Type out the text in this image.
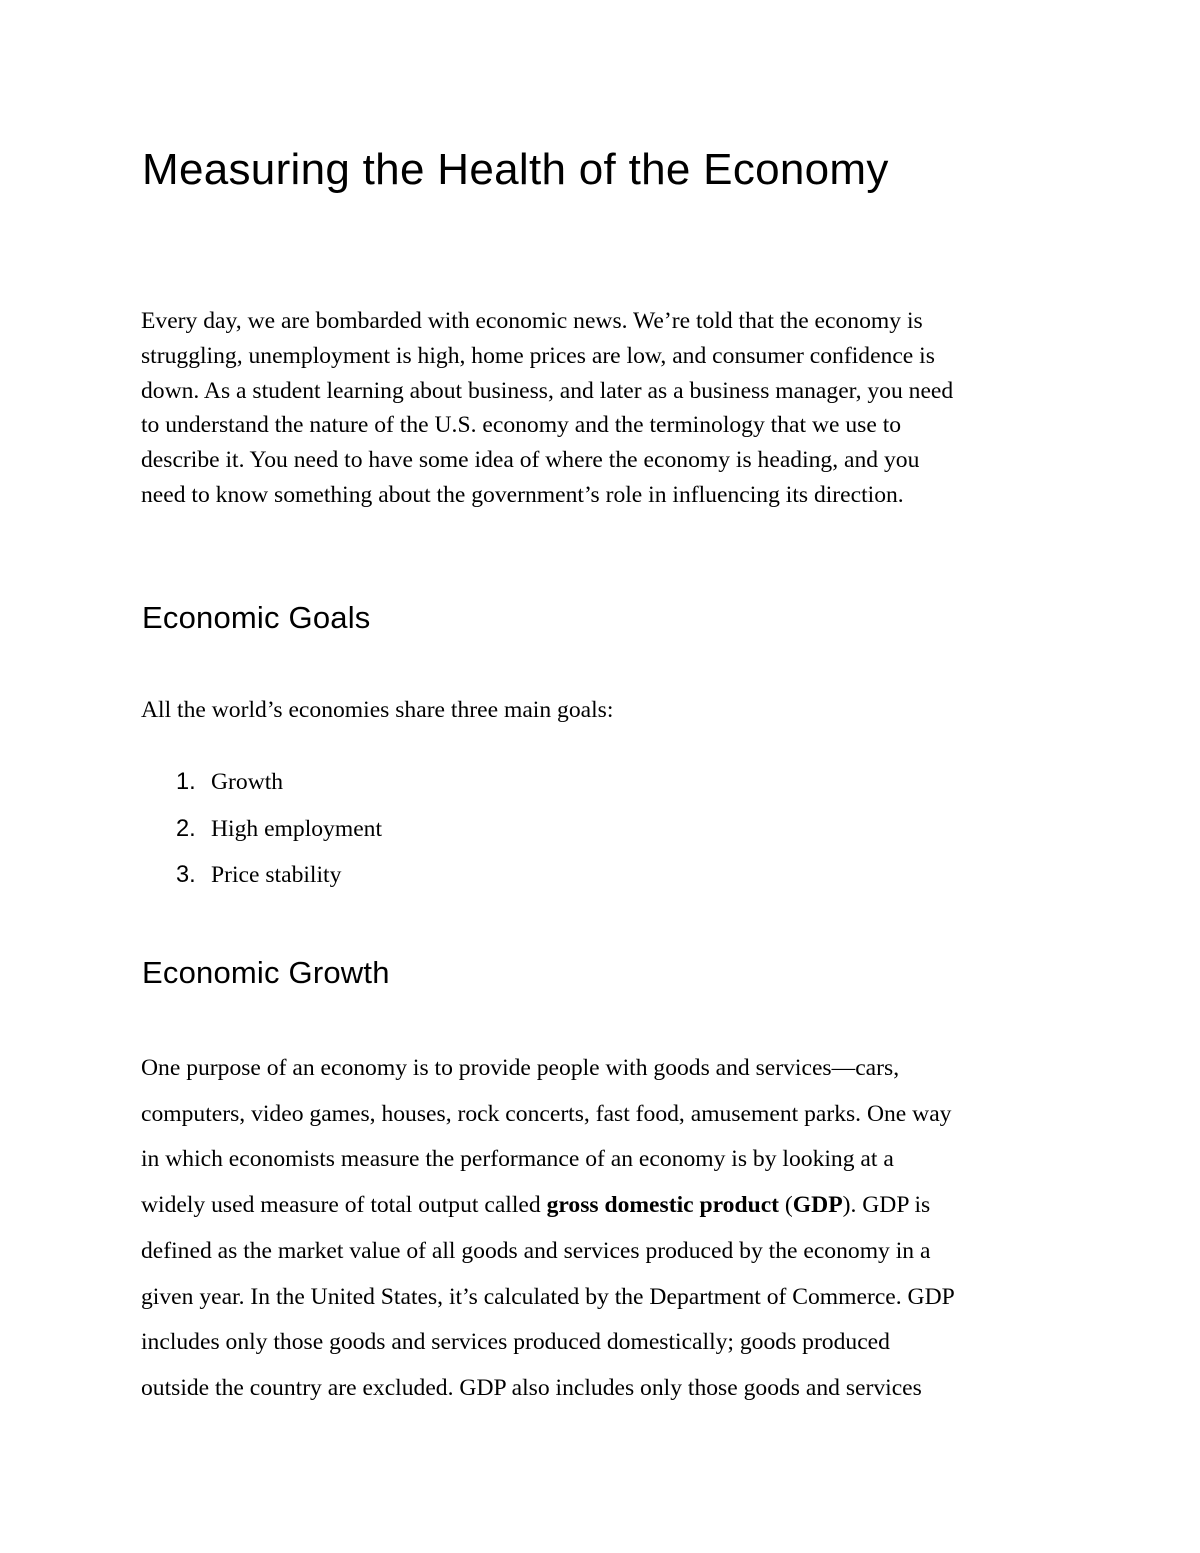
Measuring the Health of the Economy

Every day, we are bombarded with economic news. We’re told that the economy is
struggling, unemployment is high, home prices are low, and consumer confidence is
down. As a student learning about business, and later as a business manager, you need
to understand the nature of the U.S. economy and the terminology that we use to
describe it. You need to have some idea of where the economy is heading, and you
need to know something about the government’s role in influencing its direction.

Economic Goals

All the world’s economies share three main goals:

1. Growth
2. High employment
3. Price stability
Economic Growth

One purpose of an economy is to provide people with goods and services—cars,
computers, video games, houses, rock concerts, fast food, amusement parks. One way
in which economists measure the performance of an economy is by looking at a
widely used measure of total output called gross domestic product (GDP). GDP is
defined as the market value of all goods and services produced by the economy in a
given year. In the United States, it’s calculated by the Department of Commerce. GDP
includes only those goods and services produced domestically; goods produced
outside the country are excluded. GDP also includes only those goods and services
